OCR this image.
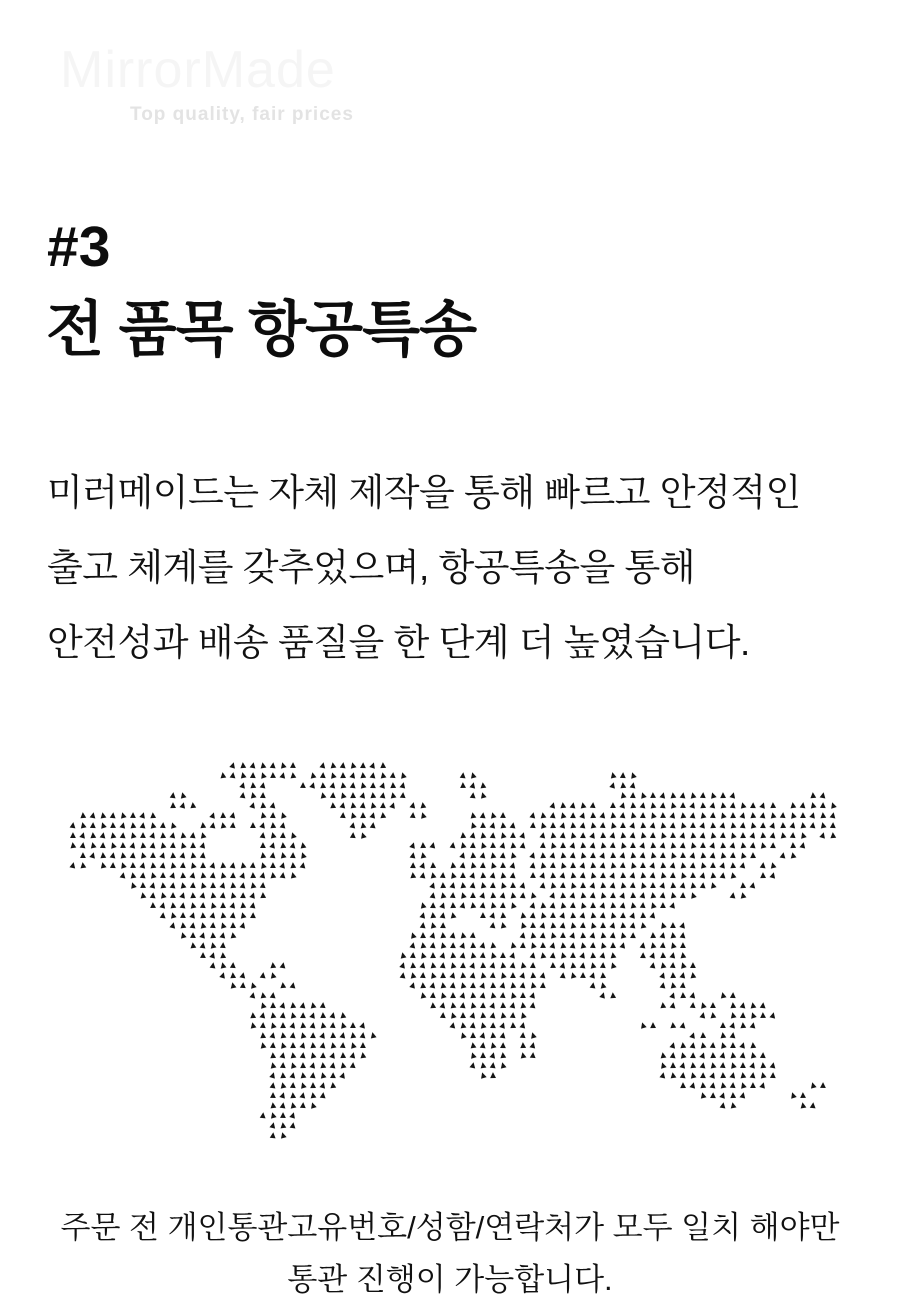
MirrorMade
Top quality, fair prices
#3
전 품목 항공특송
미러메이드는 자체 제작을 통해 빠르고 안정적인
출고 체계를 갖추었으며, 항공특송을 통해
안전성과 배송 품질을 한 단계 더 높였습니다.
▲
▲
▲
▲
▲
▲
▲ ▲
▲
▲
▲
▲
▲
▲
▲
▲
▲
▲
▲
▲
▲
▲ ▲
▲
▲
▲
▲
▲
▲
▲
▲
▲	▲
▲	▲
▲
▲
▲
▲
▲	▲
▲
▲
▲
▲
▲
▲
▲
▲
▲
▲	▲
▲
▲	▲
▲
▲
▲
▲	▲
▲
▲	▲
▲
▲
▲
▲
▲
▲
▲
▲	▲
▲	▲
▲
▲
▲
▲
▲
▲
▲
▲
▲
▲
▲	▲
▲
▲
▲
▲	▲
▲
▲	▲
▲
▲
▲
▲
▲
▲ ▲
▲	▲
▲
▲
▲
▲ ▲
▲
▲
▲
▲
▲
▲
▲
▲
▲
▲
▲
▲
▲
▲
▲
▲ ▲
▲
▲
▲
▲
▲
▲
▲
▲
▲
▲
▲
▲	▲
▲
▲ ▲
▲
▲	▲
▲
▲
▲
▲ ▲
▲	▲
▲
▲
▲ ▲
▲
▲
▲
▲
▲
▲
▲
▲
▲
▲
▲
▲
▲
▲
▲
▲
▲
▲
▲
▲
▲
▲
▲
▲
▲
▲
▲
▲
▲
▲
▲
▲
▲
▲
▲
▲
▲
▲
▲
▲
▲ ▲
▲
▲
▲ ▲
▲
▲
▲	▲
▲
▲	▲
▲
▲
▲
▲ ▲
▲
▲
▲
▲
▲
▲
▲
▲
▲
▲
▲
▲
▲
▲
▲
▲
▲
▲
▲
▲
▲
▲
▲
▲
▲
▲
▲
▲
▲
▲
▲
▲
▲
▲
▲
▲
▲
▲
▲
▲
▲
▲
▲
▲	▲
▲
▲
▲	▲
▲	▲
▲
▲
▲
▲
▲
▲ ▲
▲
▲
▲
▲
▲
▲
▲
▲
▲
▲
▲
▲
▲
▲
▲
▲
▲
▲
▲
▲
▲
▲
▲
▲
▲
▲ ▲
▲
▲
▲
▲
▲
▲
▲
▲
▲
▲
▲
▲
▲
▲
▲	▲
▲
▲
▲
▲	▲
▲
▲ ▲
▲
▲
▲
▲
▲
▲
▲ ▲
▲
▲
▲
▲
▲
▲
▲
▲
▲
▲
▲
▲
▲
▲
▲
▲
▲
▲
▲
▲
▲
▲
▲ ▲
▲
▲
▲
▲
▲
▲
▲
▲
▲
▲
▲
▲
▲
▲	▲
▲
▲
▲
▲	▲
▲	▲
▲
▲
▲
▲
▲ ▲
▲
▲
▲
▲
▲
▲
▲
▲
▲
▲
▲
▲
▲
▲
▲
▲
▲
▲
▲
▲
▲
▲ ▲
▲
▲
▲ ▲
▲
▲
▲
▲
▲
▲
▲
▲
▲
▲
▲
▲
▲
▲
▲
▲
▲
▲
▲
▲	▲
▲
▲ ▲
▲
▲
▲
▲
▲
▲ ▲
▲
▲
▲
▲
▲
▲
▲
▲
▲
▲
▲
▲
▲
▲
▲
▲
▲
▲
▲
▲
▲ ▲
▲
▲
▲
▲
▲
▲
▲
▲
▲
▲
▲
▲
▲
▲
▲
▲
▲
▲
▲	▲
▲
▲
▲
▲
▲
▲
▲
▲
▲
▲ ▲
▲
▲
▲
▲
▲
▲
▲
▲
▲
▲
▲
▲
▲
▲
▲
▲
▲
▲
▲
▲ ▲
▲
▲
▲
▲
▲
▲
▲
▲
▲
▲
▲
▲
▲
▲
▲	▲
▲
▲
▲
▲
▲
▲
▲
▲
▲ ▲
▲
▲
▲
▲
▲
▲
▲
▲
▲
▲
▲
▲
▲
▲
▲
▲
▲ ▲
▲
▲
▲
▲
▲
▲
▲
▲
▲
▲
▲
▲
▲
▲	▲
▲
▲
▲
▲
▲
▲
▲
▲
▲
▲ ▲
▲
▲
▲
▲
▲
▲
▲
▲
▲
▲
▲
▲
▲
▲	▲
▲
▲
▲
▲
▲
▲
▲
▲
▲
▲
▲
▲	▲
▲
▲
▲
▲
▲
▲
▲
▲
▲ ▲
▲
▲
▲
▲
▲
▲
▲
▲
▲
▲
▲
▲
▲
▲
▲
▲
▲
▲
▲
▲
▲
▲
▲
▲	▲
▲
▲
▲ ▲
▲
▲ ▲
▲
▲
▲
▲
▲
▲
▲
▲
▲
▲
▲
▲
▲
▲
▲
▲
▲
▲
▲
▲
▲	▲
▲
▲	▲
▲ ▲
▲
▲
▲
▲
▲
▲
▲
▲
▲
▲
▲
▲ ▲
▲
▲
▲
▲
▲
▲
▲
▲	▲
▲
▲
▲
▲
▲
▲	▲
▲
▲
▲
▲
▲
▲
▲
▲
▲
▲
▲ ▲
▲
▲
▲
▲
▲
▲
▲	▲
▲
▲
▲
▲
▲
▲
▲
▲ ▲
▲
▲
▲
▲
▲
▲
▲
▲
▲
▲
▲ ▲
▲
▲
▲
▲
▲
▲
▲	▲
▲
▲
▲
▲
▲
▲
▲
▲
▲
▲
▲ ▲
▲
▲
▲
▲
▲
▲
▲
▲ ▲
▲
▲
▲
▲
▲
▲
▲	▲
▲	▲
▲
▲
▲
▲
▲
▲
▲
▲
▲
▲
▲
▲
▲ ▲
▲
▲
▲
▲
▲
▲	▲
▲
▲
▲
▲
▲
▲
▲ ▲
▲	▲
▲
▲
▲
▲
▲
▲
▲
▲
▲
▲
▲
▲
▲
▲ ▲
▲
▲
▲
▲	▲
▲
▲
▲
▲
▲
▲ ▲
▲	▲
▲
▲
▲
▲
▲
▲
▲
▲
▲
▲
▲
▲
▲	▲
▲	▲
▲
▲
▲
▲
▲	▲
▲
▲
▲
▲
▲
▲
▲
▲
▲
▲
▲	▲
▲	▲
▲
▲ ▲
▲
▲
▲
▲
▲
▲
▲
▲	▲
▲
▲
▲
▲
▲
▲
▲
▲
▲
▲	▲
▲ ▲
▲
▲ ▲
▲
▲
▲
▲
▲
▲
▲
▲
▲
▲
▲
▲
▲	▲
▲
▲
▲
▲
▲
▲
▲
▲	▲
▲ ▲
▲
▲
▲
▲
▲
▲
▲
▲
▲
▲
▲
▲
▲
▲
▲
▲	▲
▲
▲
▲
▲
▲
▲
▲	▲
▲ ▲
▲	▲
▲
▲
▲
▲
▲
▲
▲
▲
▲
▲
▲
▲
▲
▲
▲	▲
▲
▲
▲
▲ ▲
▲	▲
▲ ▲
▲
▲
▲
▲
▲
▲
▲
▲
▲
▲
▲
▲	▲
▲
▲
▲ ▲
▲	▲
▲
▲
▲
▲
▲
▲
▲
▲
▲
▲
▲
▲
▲
▲
▲
▲
▲
▲	▲
▲
▲
▲ ▲
▲	▲
▲
▲
▲
▲
▲
▲
▲
▲
▲
▲
▲
▲
▲
▲
▲
▲
▲
▲
▲	▲
▲
▲
▲	▲
▲
▲
▲
▲
▲
▲
▲
▲
▲
▲
▲
▲
▲
▲
▲
▲
▲
▲
▲	▲
▲	▲
▲
▲
▲
▲
▲
▲
▲
▲
▲
▲
▲
▲
▲
▲
▲
▲
▲
▲	▲
▲
▲
▲
▲
▲
▲
▲
▲	▲
▲
▲
▲
▲
▲
▲
▲	▲
▲
▲
▲
▲	▲
▲
▲
▲
▲
▲
▲	▲
▲	▲
▲
▲
▲
▲
▲
▲
▲
▲
▲
▲
주문 전 개인통관고유번호/성함/연락처가 모두 일치 해야만
통관 진행이 가능합니다.
